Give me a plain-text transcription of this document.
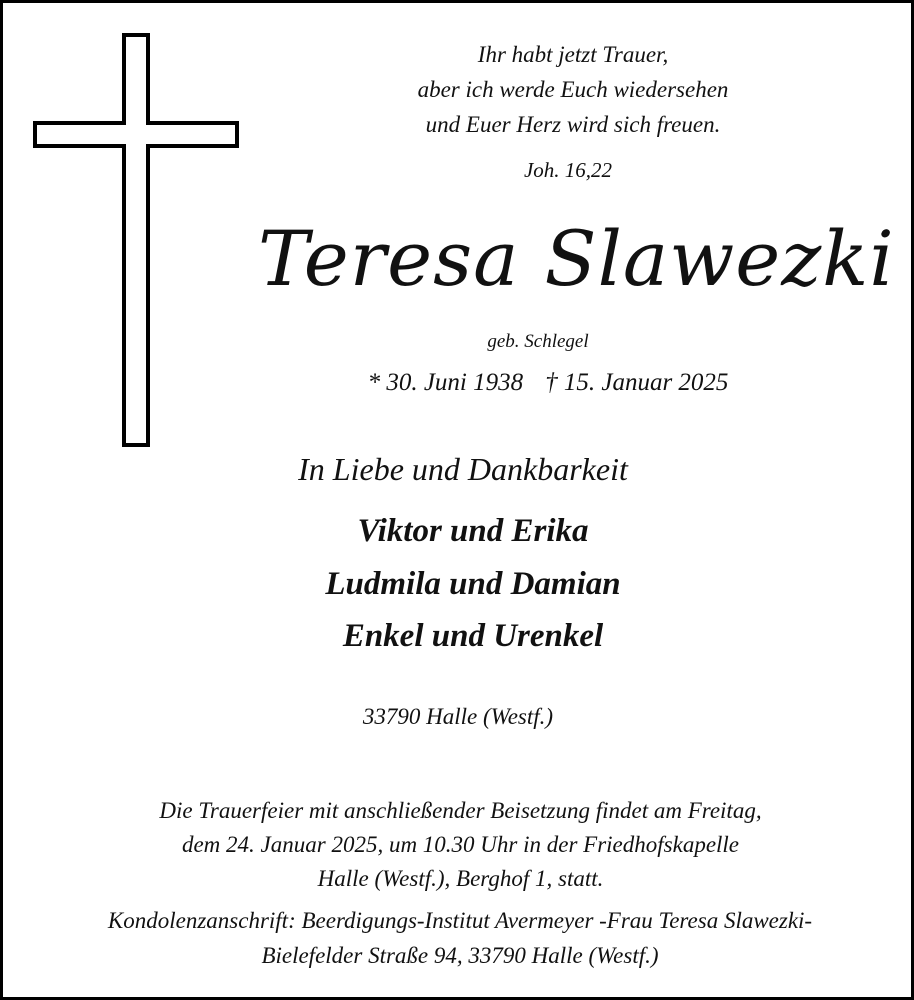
Ihr habt jetzt Trauer,
aber ich werde Euch wiedersehen
und Euer Herz wird sich freuen.
Joh. 16,22
Teresa Slawezki
geb. Schlegel
* 30. Juni 1938 † 15. Januar 2025
In Liebe und Dankbarkeit
Viktor und Erika
Ludmila und Damian
Enkel und Urenkel
33790 Halle (Westf.)
Die Trauerfeier mit anschließender Beisetzung findet am Freitag,
dem 24. Januar 2025, um 10.30 Uhr in der Friedhofskapelle
Halle (Westf.), Berghof 1, statt.
Kondolenzanschrift: Beerdigungs-Institut Avermeyer -Frau Teresa Slawezki-
Bielefelder Straße 94, 33790 Halle (Westf.)
